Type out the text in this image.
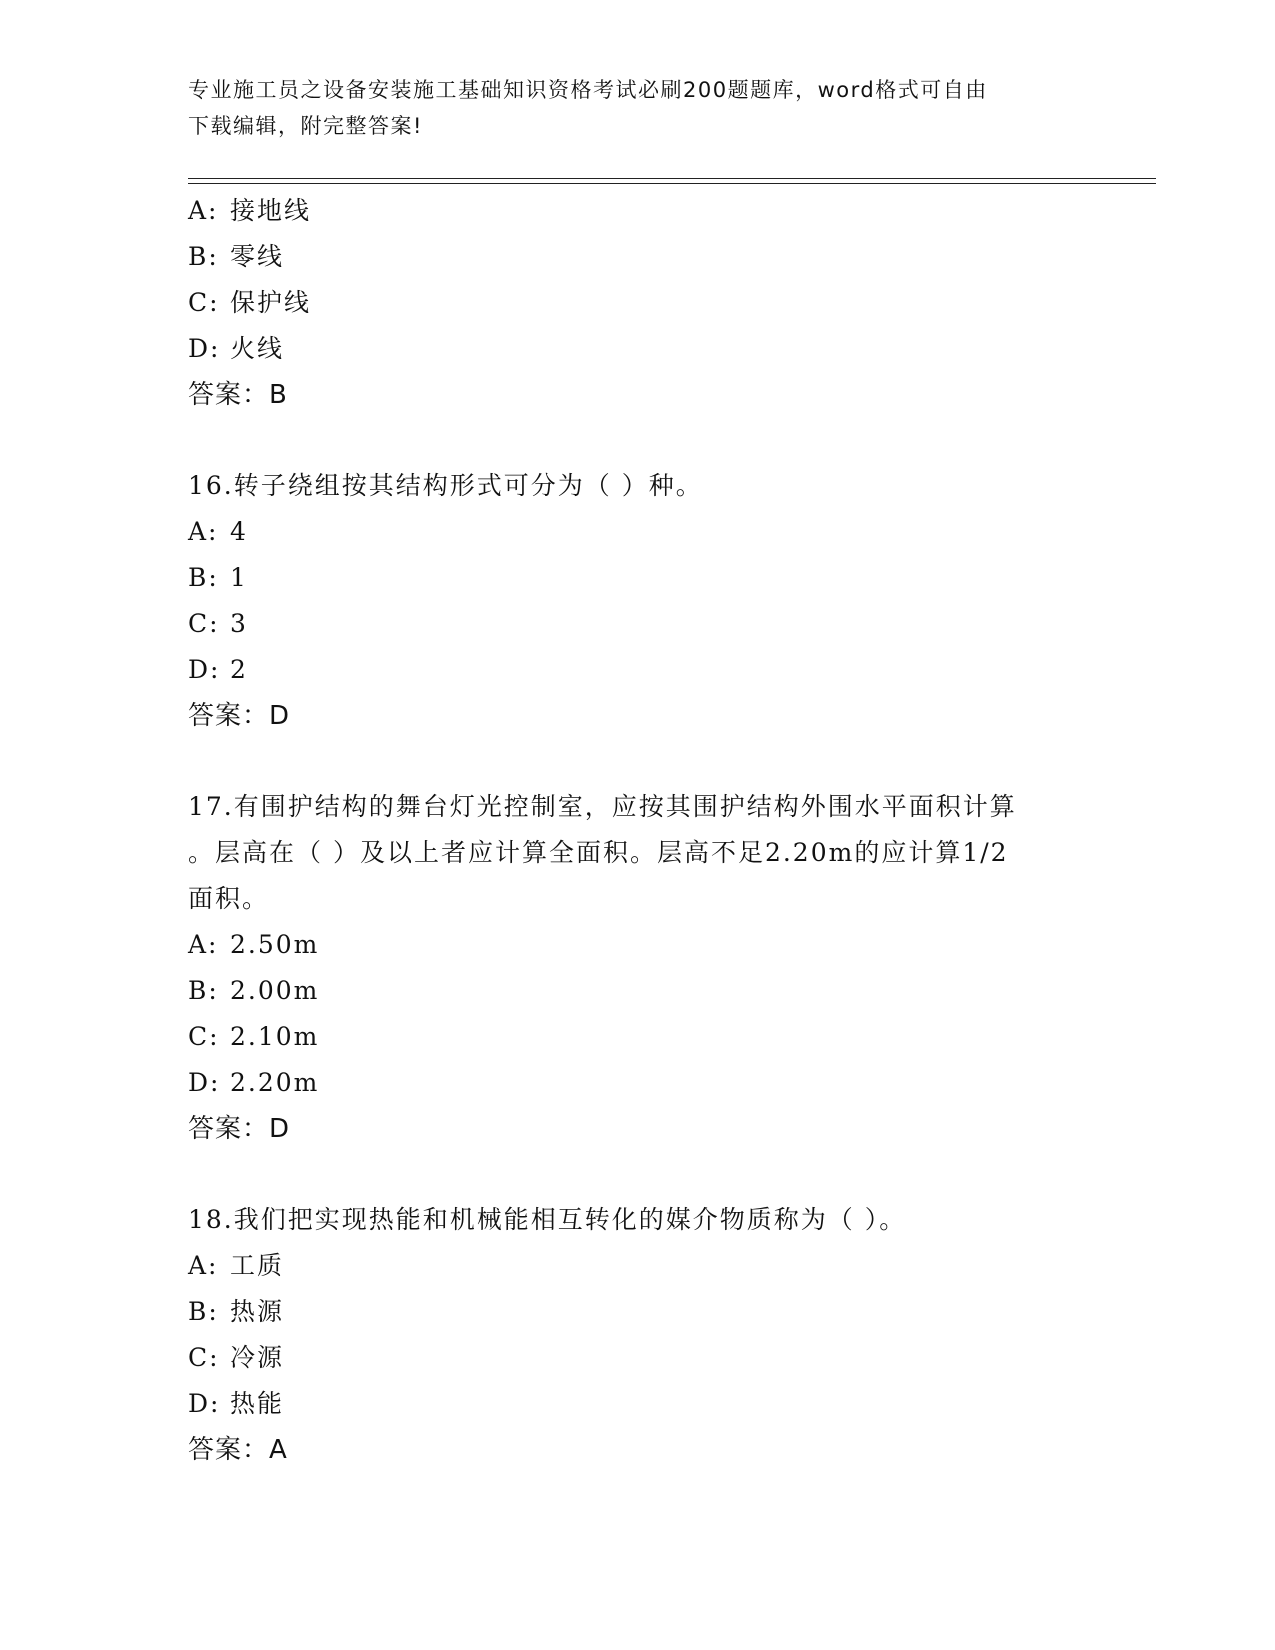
专业施工员之设备安装施工基础知识资格考试必刷200题题库，word格式可自由
下载编辑，附完整答案!
A: 接地线
B: 零线
C: 保护线
D: 火线
答案：B
16.转子绕组按其结构形式可分为（ ）种。
A: 4
B: 1
C: 3
D: 2
答案：D
17.有围护结构的舞台灯光控制室，应按其围护结构外围水平面积计算
。层高在（ ）及以上者应计算全面积。层高不足2.20m的应计算1/2
面积。
A: 2.50m
B: 2.00m
C: 2.10m
D: 2.20m
答案：D
18.我们把实现热能和机械能相互转化的媒介物质称为（ ）。
A: 工质
B: 热源
C: 冷源
D: 热能
答案：A
